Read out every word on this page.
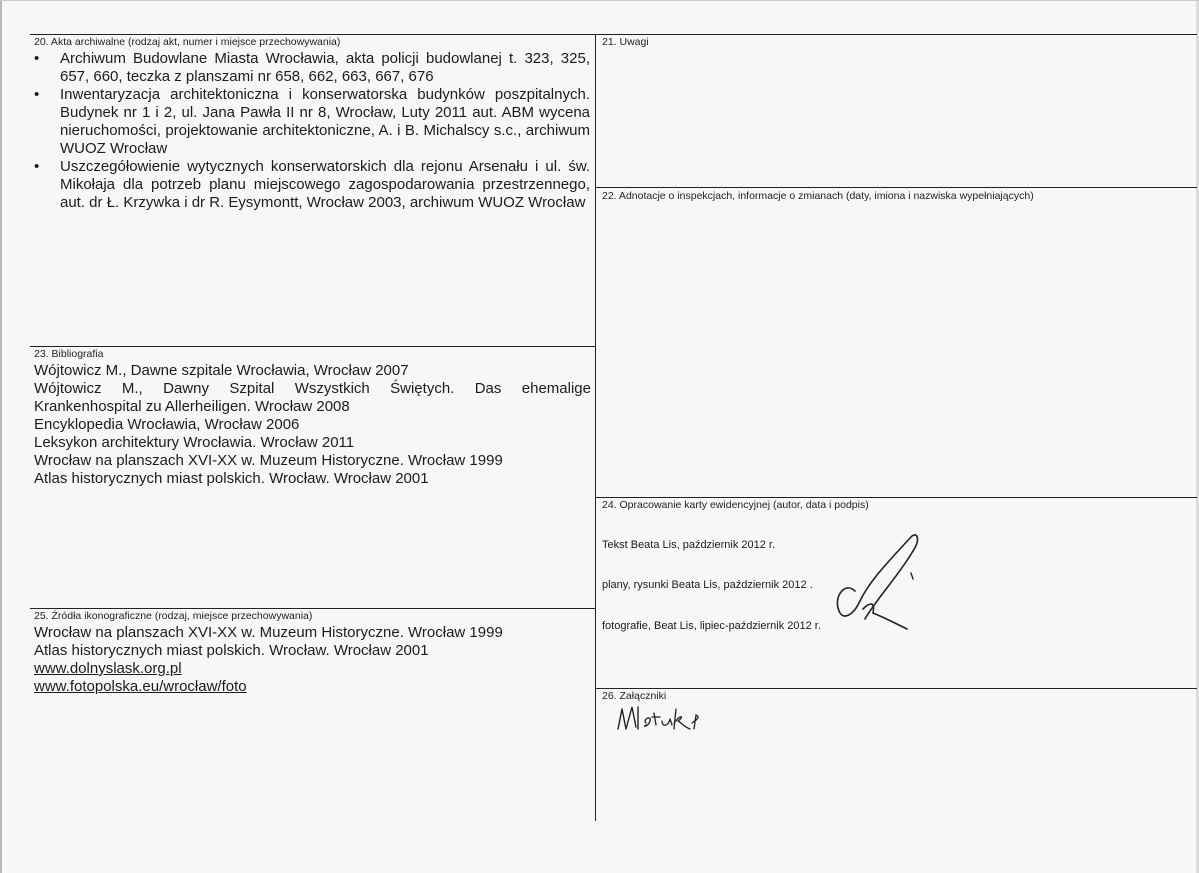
20. Akta archiwalne (rodzaj akt, numer i miejsce przechowywania)
• Archiwum Budowlane Miasta Wrocławia, akta policji budowlanej t. 323, 325, 657, 660, teczka z planszami nr 658, 662, 663, 667, 676
• Inwentaryzacja architektoniczna i konserwatorska budynków poszpitalnych. Budynek nr 1 i 2, ul. Jana Pawła II nr 8, Wrocław, Luty 2011 aut. ABM wycena nieruchomości, projektowanie architektoniczne, A. i B. Michalscy s.c., archiwum WUOZ Wrocław
• Uszczegółowienie wytycznych konserwatorskich dla rejonu Arsenału i ul. św. Mikołaja dla potrzeb planu miejscowego zagospodarowania przestrzennego, aut. dr Ł. Krzywka i dr R. Eysymontt, Wrocław 2003, archiwum WUOZ Wrocław
21. Uwagi
22. Adnotacje o inspekcjach, informacje o zmianach (daty, imiona i nazwiska wypełniających)
23. Bibliografia
Wójtowicz M., Dawne szpitale Wrocławia, Wrocław 2007
Wójtowicz M., Dawny Szpital Wszystkich Świętych. Das ehemalige
Krankenhospital zu Allerheiligen. Wrocław 2008
Encyklopedia Wrocławia, Wrocław 2006
Leksykon architektury Wrocławia. Wrocław 2011
Wrocław na planszach XVI-XX w. Muzeum Historyczne. Wrocław 1999
Atlas historycznych miast polskich. Wrocław. Wrocław 2001
24. Opracowanie karty ewidencyjnej (autor, data i podpis)
Tekst Beata Lis, październik 2012 r.
plany, rysunki Beata Lis, październik 2012 .
fotografie, Beat Lis, lipiec-październik 2012 r.
25. Źródła ikonograficzne (rodzaj, miejsce przechowywania)
Wrocław na planszach XVI-XX w. Muzeum Historyczne. Wrocław 1999
Atlas historycznych miast polskich. Wrocław. Wrocław 2001
www.dolnyslask.org.pl
www.fotopolska.eu/wrocław/foto
26. Załączniki
